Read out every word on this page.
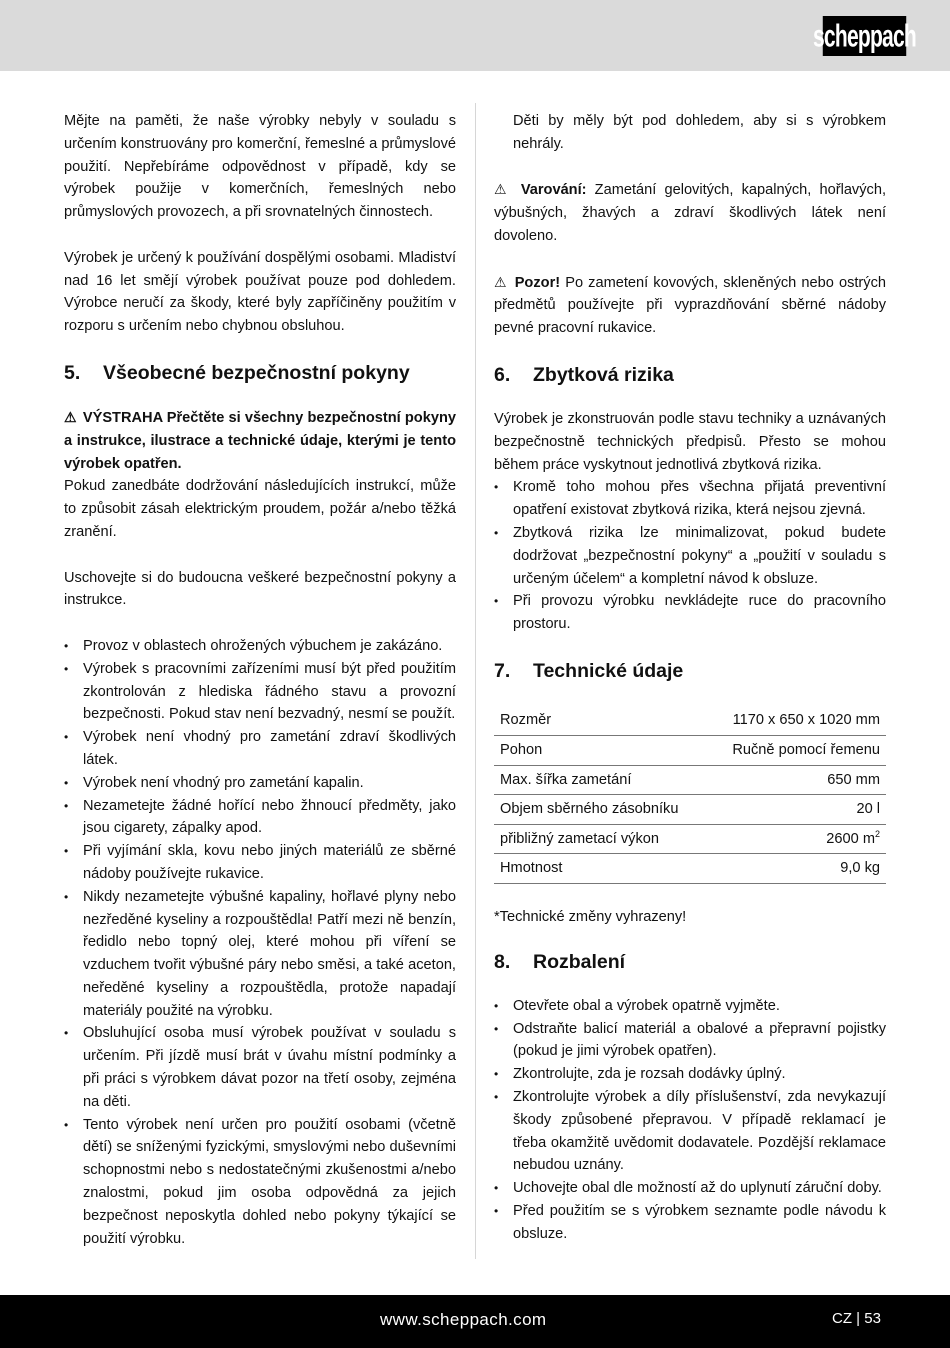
scheppach

Mějte na paměti, že naše výrobky nebyly v souladu s určením konstruovány pro komerční, řemeslné a průmyslové použití. Nepřebíráme odpovědnost v případě, kdy se výrobek použije v komerčních, řemeslných nebo průmyslových provozech, a při srovnatelných činnostech.

Výrobek je určený k používání dospělými osobami. Mladiství nad 16 let smějí výrobek používat pouze pod dohledem. Výrobce neručí za škody, které byly zapříčiněny použitím v rozporu s určením nebo chybnou obsluhou.

5.	Všeobecné bezpečnostní pokyny

⚠ VÝSTRAHA Přečtěte si všechny bezpečnostní pokyny a instrukce, ilustrace a technické údaje, kterými je tento výrobek opatřen.

Pokud zanedbáte dodržování následujících instrukcí, může to způsobit zásah elektrickým proudem, požár a/nebo těžká zranění.

Uschovejte si do budoucna veškeré bezpečnostní pokyny a instrukce.

• Provoz v oblastech ohrožených výbuchem je zakázáno.
• Výrobek s pracovními zařízeními musí být před použitím zkontrolován z hlediska řádného stavu a provozní bezpečnosti. Pokud stav není bezvadný, nesmí se použít.
• Výrobek není vhodný pro zametání zdraví škodlivých látek.
• Výrobek není vhodný pro zametání kapalin.
• Nezametejte žádné hořící nebo žhnoucí předměty, jako jsou cigarety, zápalky apod.
• Při vyjímání skla, kovu nebo jiných materiálů ze sběrné nádoby používejte rukavice.
• Nikdy nezametejte výbušné kapaliny, hořlavé plyny nebo nezředěné kyseliny a rozpouštědla! Patří mezi ně benzín, ředidlo nebo topný olej, které mohou při víření se vzduchem tvořit výbušné páry nebo směsi, a také aceton, neředěné kyseliny a rozpouštědla, protože napadají materiály použité na výrobku.
• Obsluhující osoba musí výrobek používat v souladu s určením. Při jízdě musí brát v úvahu místní podmínky a při práci s výrobkem dávat pozor na třetí osoby, zejména na děti.
• Tento výrobek není určen pro použití osobami (včetně dětí) se sníženými fyzickými, smyslovými nebo duševními schopnostmi nebo s nedostatečnými zkušenostmi a/nebo znalostmi, pokud jim osoba odpovědná za jejich bezpečnost neposkytla dohled nebo pokyny týkající se použití výrobku.

Děti by měly být pod dohledem, aby si s výrobkem nehrály.

⚠ Varování: Zametání gelovitých, kapalných, hořlavých, výbušných, žhavých a zdraví škodlivých látek není dovoleno.

⚠ Pozor! Po zametení kovových, skleněných nebo ostrých předmětů používejte při vyprazdňování sběrné nádoby pevné pracovní rukavice.

6.	Zbytková rizika

Výrobek je zkonstruován podle stavu techniky a uznávaných bezpečnostně technických předpisů. Přesto se mohou během práce vyskytnout jednotlivá zbytková rizika.

• Kromě toho mohou přes všechna přijatá preventivní opatření existovat zbytková rizika, která nejsou zjevná.
• Zbytková rizika lze minimalizovat, pokud budete dodržovat „bezpečnostní pokyny“ a „použití v souladu s určeným účelem“ a kompletní návod k obsluze.
• Při provozu výrobku nevkládejte ruce do pracovního prostoru.
7.	Technické údaje
Rozměr	1170 x 650 x 1020 mm
Pohon	Ručně pomocí řemenu
Max. šířka zametání	650 mm
Objem sběrného zásobníku	20 l
přibližný zametací výkon	2600 $m^2$
Hmotnost	9,0 kg

*Technické změny vyhrazeny!

8.	Rozbalení
• Otevřete obal a výrobek opatrně vyjměte.
• Odstraňte balicí materiál a obalové a přepravní pojistky (pokud je jimi výrobek opatřen).
• Zkontrolujte, zda je rozsah dodávky úplný.
• Zkontrolujte výrobek a díly příslušenství, zda nevykazují škody způsobené přepravou. V případě reklamací je třeba okamžitě uvědomit dodavatele. Pozdější reklamace nebudou uznány.
• Uchovejte obal dle možností až do uplynutí záruční doby.
• Před použitím se s výrobkem seznamte podle návodu k obsluze.
www.scheppach.com	CZ | 53
